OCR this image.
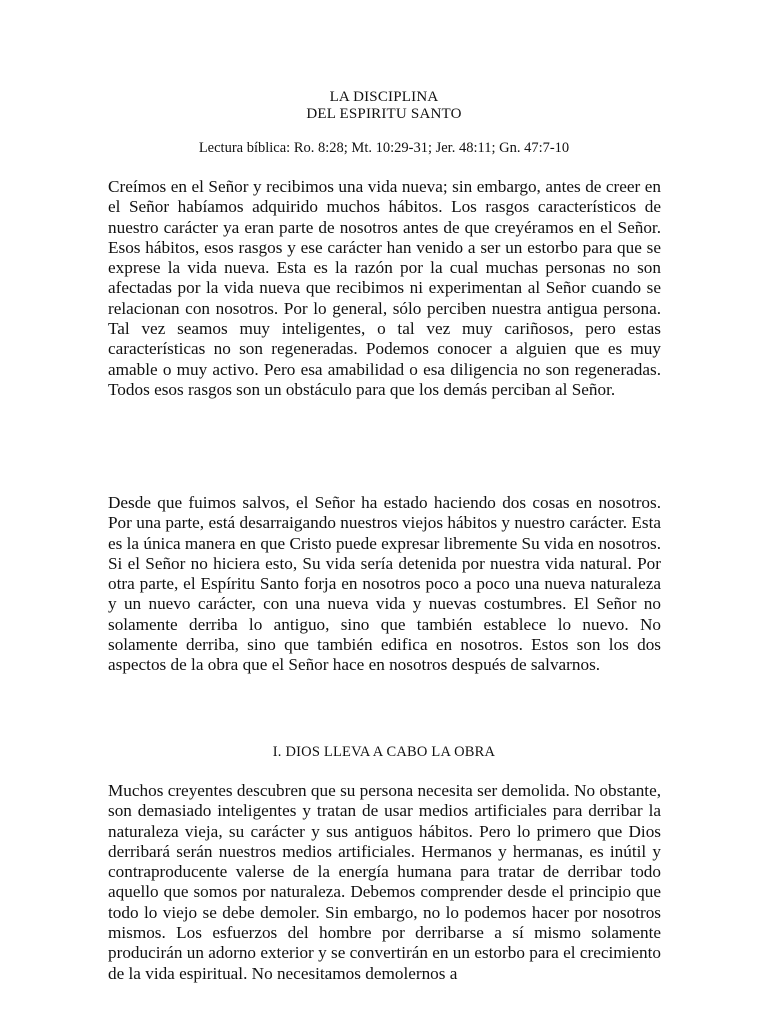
LA DISCIPLINA
DEL ESPIRITU SANTO
Lectura bíblica: Ro. 8:28; Mt. 10:29-31; Jer. 48:11; Gn. 47:7-10

Creímos en el Señor y recibimos una vida nueva; sin embargo, antes de creer en el Señor habíamos adquirido muchos hábitos. Los rasgos característicos de nuestro carácter ya eran parte de nosotros antes de que creyéramos en el Señor. Esos hábitos, esos rasgos y ese carácter han venido a ser un estorbo para que se exprese la vida nueva. Esta es la razón por la cual muchas personas no son afectadas por la vida nueva que recibimos ni experimentan al Señor cuando se relacionan con nosotros. Por lo general, sólo perciben nuestra antigua persona. Tal vez seamos muy inteligentes, o tal vez muy cariñosos, pero estas características no son regeneradas. Podemos conocer a alguien que es muy amable o muy activo. Pero esa amabilidad o esa diligencia no son regeneradas. Todos esos rasgos son un obstáculo para que los demás perciban al Señor.

Desde que fuimos salvos, el Señor ha estado haciendo dos cosas en nosotros. Por una parte, está desarraigando nuestros viejos hábitos y nuestro carácter. Esta es la única manera en que Cristo puede expresar libremente Su vida en nosotros. Si el Señor no hiciera esto, Su vida sería detenida por nuestra vida natural. Por otra parte, el Espíritu Santo forja en nosotros poco a poco una nueva naturaleza y un nuevo carácter, con una nueva vida y nuevas costumbres. El Señor no solamente derriba lo antiguo, sino que también establece lo nuevo. No solamente derriba, sino que también edifica en nosotros. Estos son los dos aspectos de la obra que el Señor hace en nosotros después de salvarnos.

I. DIOS LLEVA A CABO LA OBRA

Muchos creyentes descubren que su persona necesita ser demolida. No obstante, son demasiado inteligentes y tratan de usar medios artificiales para derribar la naturaleza vieja, su carácter y sus antiguos hábitos. Pero lo primero que Dios derribará serán nuestros medios artificiales. Hermanos y hermanas, es inútil y contraproducente valerse de la energía humana para tratar de derribar todo aquello que somos por naturaleza. Debemos comprender desde el principio que todo lo viejo se debe demoler. Sin embargo, no lo podemos hacer por nosotros mismos. Los esfuerzos del hombre por derribarse a sí mismo solamente producirán un adorno exterior y se convertirán en un estorbo para el crecimiento de la vida espiritual. No necesitamos demolernos a
